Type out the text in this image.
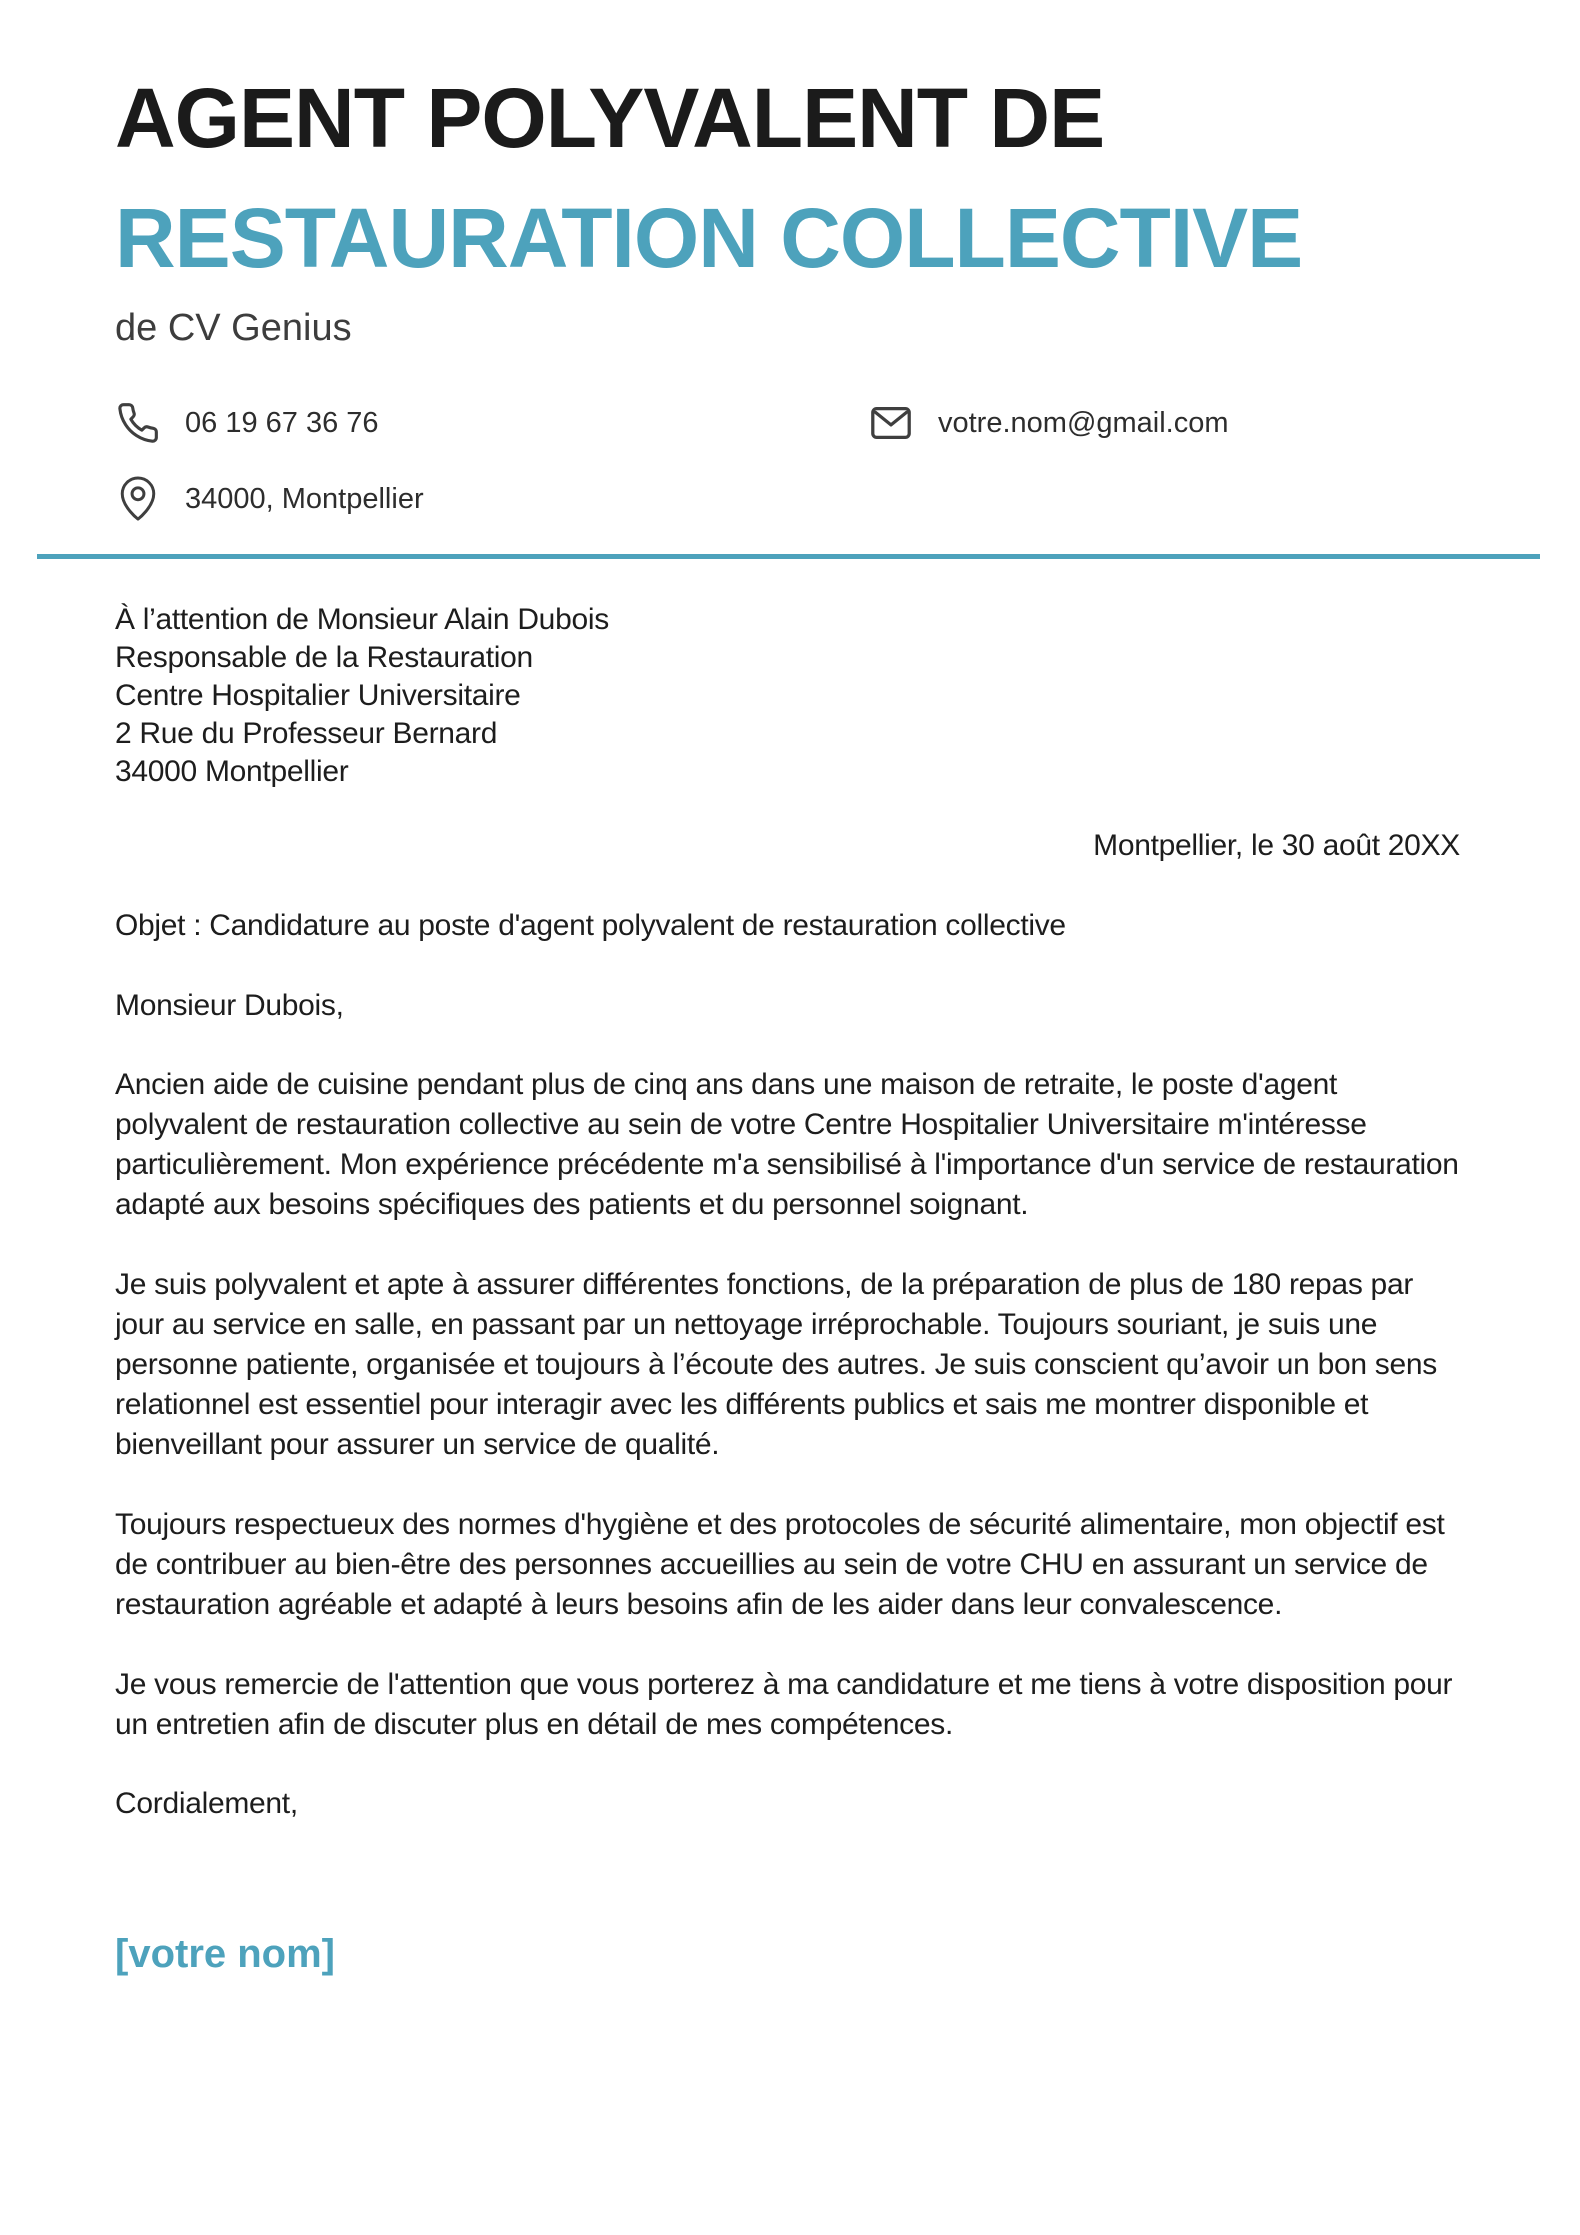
AGENT POLYVALENT DE
RESTAURATION COLLECTIVE
de CV Genius
06 19 67 36 76	votre.nom@gmail.com
34000, Montpellier
À l’attention de Monsieur Alain Dubois
Responsable de la Restauration
Centre Hospitalier Universitaire
2 Rue du Professeur Bernard
34000 Montpellier
Montpellier, le 30 août 20XX
Objet : Candidature au poste d'agent polyvalent de restauration collective
Monsieur Dubois,

Ancien aide de cuisine pendant plus de cinq ans dans une maison de retraite, le poste d'agent polyvalent de restauration collective au sein de votre Centre Hospitalier Universitaire m'intéresse particulièrement. Mon expérience précédente m'a sensibilisé à l'importance d'un service de restauration adapté aux besoins spécifiques des patients et du personnel soignant.

Je suis polyvalent et apte à assurer différentes fonctions, de la préparation de plus de 180 repas par jour au service en salle, en passant par un nettoyage irréprochable. Toujours souriant, je suis une personne patiente, organisée et toujours à l’écoute des autres. Je suis conscient qu’avoir un bon sens relationnel est essentiel pour interagir avec les différents publics et sais me montrer disponible et bienveillant pour assurer un service de qualité.

Toujours respectueux des normes d'hygiène et des protocoles de sécurité alimentaire, mon objectif est de contribuer au bien-être des personnes accueillies au sein de votre CHU en assurant un service de restauration agréable et adapté à leurs besoins afin de les aider dans leur convalescence.

Je vous remercie de l'attention que vous porterez à ma candidature et me tiens à votre disposition pour un entretien afin de discuter plus en détail de mes compétences.

Cordialement,
[votre nom]
